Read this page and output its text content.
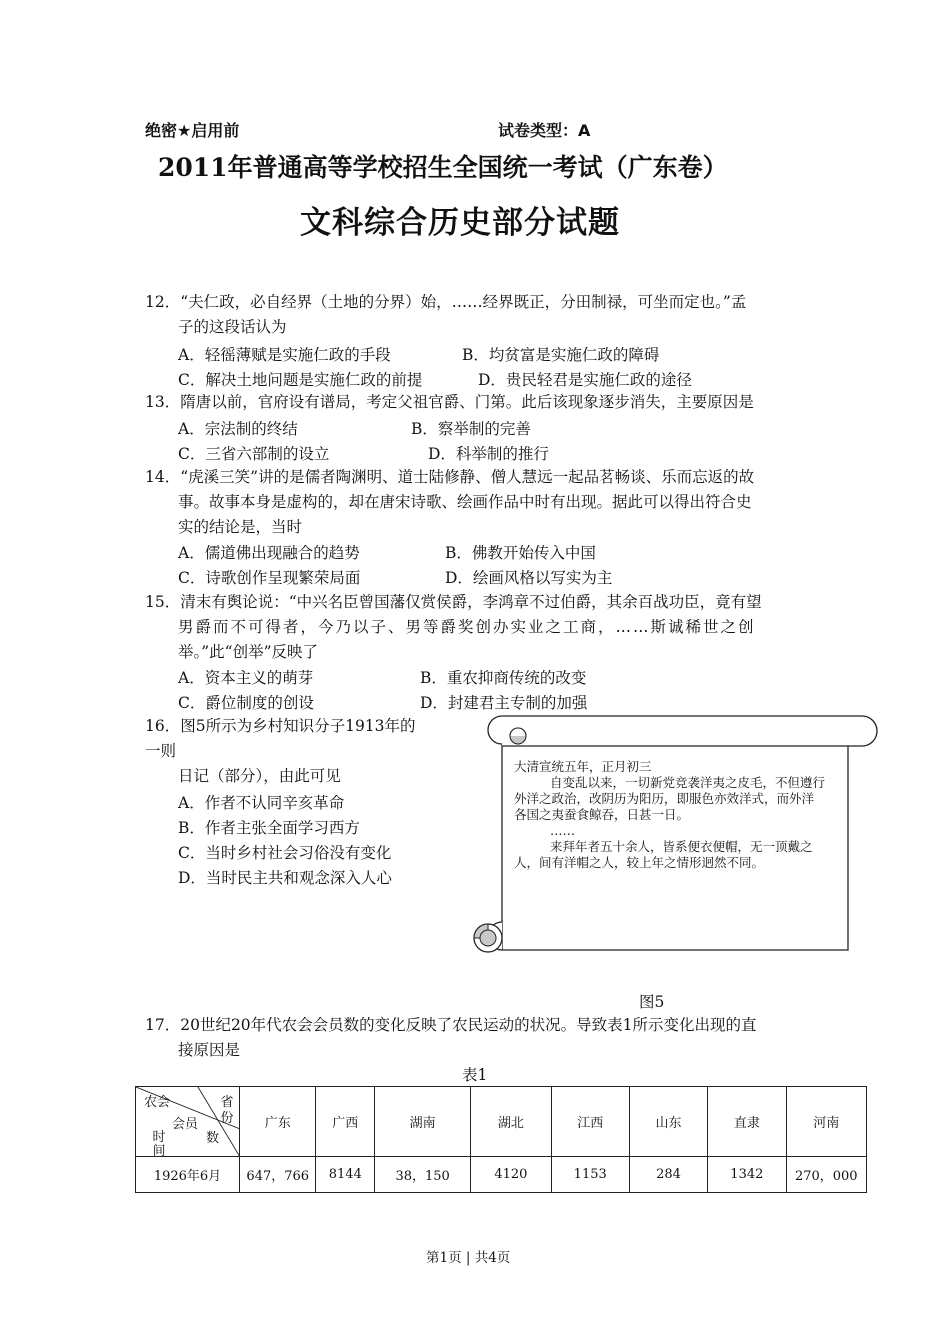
绝密★启用前	试卷类型：A
2011年普通高等学校招生全国统一考试（广东卷）
文科综合历史部分试题
12．“夫仁政，必自经界（土地的分界）始，……经界既正，分田制禄，可坐而定也。”孟
子的这段话认为
A．轻徭薄赋是实施仁政的手段	B．均贫富是实施仁政的障碍
C．解决土地问题是实施仁政的前提	D．贵民轻君是实施仁政的途径
13．隋唐以前，官府设有谱局，考定父祖官爵、门第。此后该现象逐步消失，主要原因是
A．宗法制的终结	B．察举制的完善
C．三省六部制的设立	D．科举制的推行
14．“虎溪三笑”讲的是儒者陶渊明、道士陆修静、僧人慧远一起品茗畅谈、乐而忘返的故
事。故事本身是虚构的，却在唐宋诗歌、绘画作品中时有出现。据此可以得出符合史
实的结论是，当时
A．儒道佛出现融合的趋势	B．佛教开始传入中国
C．诗歌创作呈现繁荣局面	D．绘画风格以写实为主
15．清末有舆论说：“中兴名臣曾国藩仅赏侯爵，李鸿章不过伯爵，其余百战功臣，竟有望
男爵而不可得者，今乃以子、男等爵奖创办实业之工商，……斯诚稀世之创
举。”此“创举”反映了
A．资本主义的萌芽	B．重农抑商传统的改变
C．爵位制度的创设	D．封建君主专制的加强
16．图5所示为乡村知识分子1913年的
一则
日记（部分），由此可见
A．作者不认同辛亥革命
B．作者主张全面学习西方
C．当时乡村社会习俗没有变化
D．当时民主共和观念深入人心
大清宣统五年，正月初三
自变乱以来，一切新党竞袭洋夷之皮毛，不但遵行外洋之政治，改阴历为阳历，即服色亦效洋式，而外洋各国之夷蚕食鲸吞，日甚一日。
……
来拜年者五十余人，皆系便衣便帽，无一顶戴之人，间有洋帽之人，较上年之情形迥然不同。
图5
17．20世纪20年代农会会员数的变化反映了农民运动的状况。导致表1所示变化出现的直
接原因是
表1
农会
会员
数
省份
时间	广东	广西	湖南	湖北	江西	山东	直隶	河南
1926年6月	647，766	8144	38，150	4120	1153	284	1342	270，000
第1页 | 共4页
